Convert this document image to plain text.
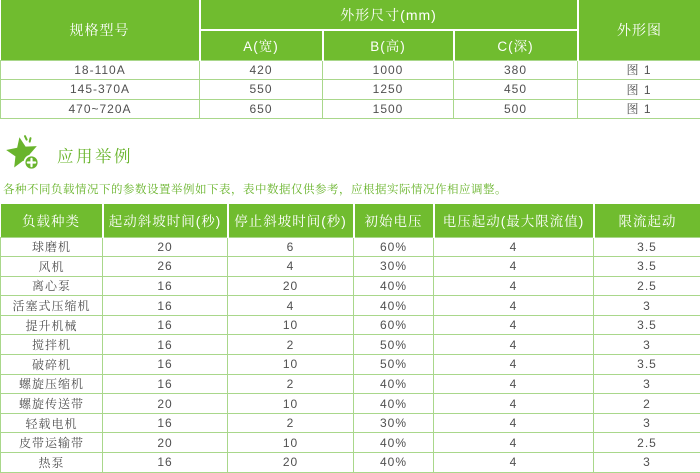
规格型号	外形尺寸(mm)			外形图
	A(宽)	B(高)	C(深)	
18-110A	420	1000	380	图 1
145-370A	550	1250	450	图 1
470~720A	650	1500	500	图 1
应用举例
各种不同负载情况下的参数设置举例如下表，表中数据仅供参考，应根据实际情况作相应调整。
负载种类	起动斜坡时间(秒)	停止斜坡时间(秒)	初始电压	电压起动(最大限流值)	限流起动
球磨机	20	6	60%	4	3.5
风机	26	4	30%	4	3.5
离心泵	16	20	40%	4	2.5
活塞式压缩机	16	4	40%	4	3
提升机械	16	10	60%	4	3.5
搅拌机	16	2	50%	4	3
破碎机	16	10	50%	4	3.5
螺旋压缩机	16	2	40%	4	3
螺旋传送带	20	10	40%	4	2
轻载电机	16	2	30%	4	3
皮带运输带	20	10	40%	4	2.5
热泵	16	20	40%	4	3
